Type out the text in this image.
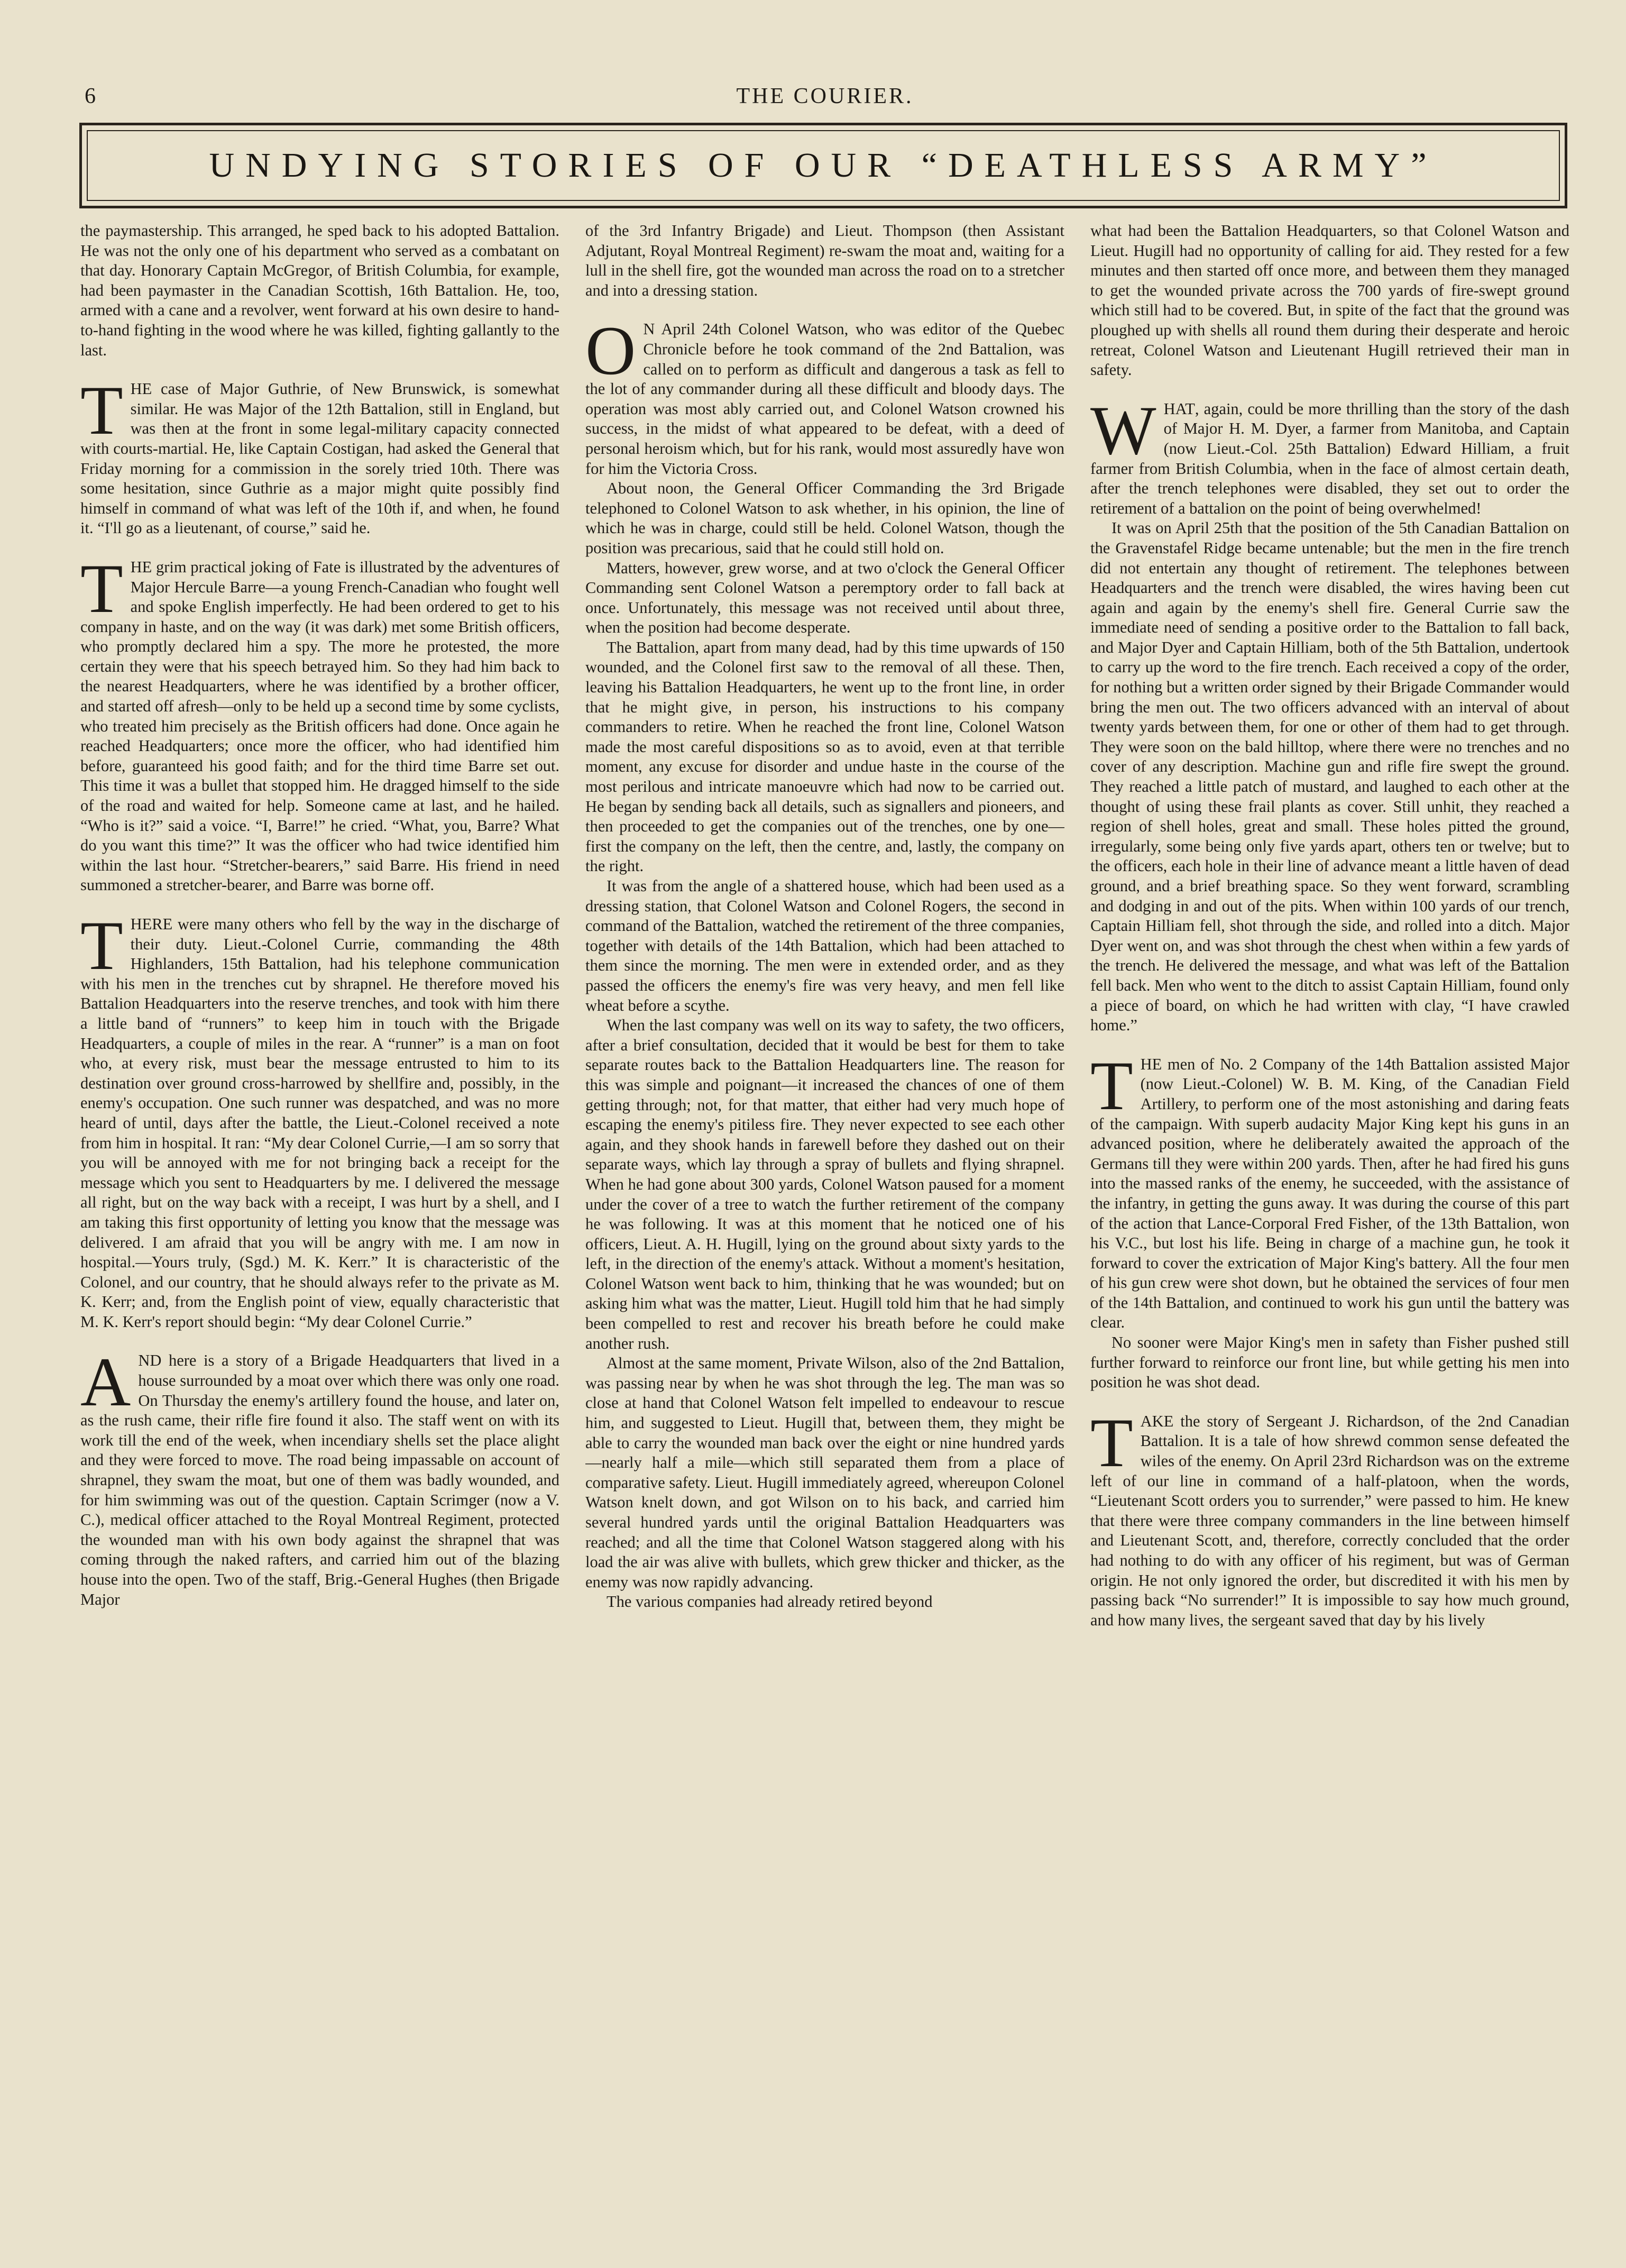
6	THE COURIER.
UNDYING STORIES OF OUR “DEATHLESS ARMY”

the paymastership. This arranged, he sped back to his adopted Battalion. He was not the only one of his department who served as a combatant on that day. Honorary Captain McGregor, of British Columbia, for example, had been paymaster in the Canadian Scottish, 16th Battalion. He, too, armed with a cane and a revolver, went forward at his own desire to hand-to-hand fighting in the wood where he was killed, fighting gallantly to the last.

THE case of Major Guthrie, of New Brunswick, is somewhat similar. He was Major of the 12th Battalion, still in England, but was then at the front in some legal-military capacity connected with courts-martial. He, like Captain Costigan, had asked the General that Friday morning for a commission in the sorely tried 10th. There was some hesitation, since Guthrie as a major might quite possibly find himself in command of what was left of the 10th if, and when, he found it. “I'll go as a lieutenant, of course,” said he.

THE grim practical joking of Fate is illustrated by the adventures of Major Hercule Barre—a young French-Canadian who fought well and spoke English imperfectly. He had been ordered to get to his company in haste, and on the way (it was dark) met some British officers, who promptly declared him a spy. The more he protested, the more certain they were that his speech betrayed him. So they had him back to the nearest Headquarters, where he was identified by a brother officer, and started off afresh—only to be held up a second time by some cyclists, who treated him precisely as the British officers had done. Once again he reached Headquarters; once more the officer, who had identified him before, guaranteed his good faith; and for the third time Barre set out. This time it was a bullet that stopped him. He dragged himself to the side of the road and waited for help. Someone came at last, and he hailed. “Who is it?” said a voice. “I, Barre!” he cried. “What, you, Barre? What do you want this time?” It was the officer who had twice identified him within the last hour. “Stretcher-bearers,” said Barre. His friend in need summoned a stretcher-bearer, and Barre was borne off.

THERE were many others who fell by the way in the discharge of their duty. Lieut.-Colonel Currie, commanding the 48th Highlanders, 15th Battalion, had his telephone communication with his men in the trenches cut by shrapnel. He therefore moved his Battalion Headquarters into the reserve trenches, and took with him there a little band of “runners” to keep him in touch with the Brigade Headquarters, a couple of miles in the rear. A “runner” is a man on foot who, at every risk, must bear the message entrusted to him to its destination over ground cross-harrowed by shellfire and, possibly, in the enemy's occupation. One such runner was despatched, and was no more heard of until, days after the battle, the Lieut.-Colonel received a note from him in hospital. It ran: “My dear Colonel Currie,—I am so sorry that you will be annoyed with me for not bringing back a receipt for the message which you sent to Headquarters by me. I delivered the message all right, but on the way back with a receipt, I was hurt by a shell, and I am taking this first opportunity of letting you know that the message was delivered. I am afraid that you will be angry with me. I am now in hospital.—Yours truly, (Sgd.) M. K. Kerr.” It is characteristic of the Colonel, and our country, that he should always refer to the private as M. K. Kerr; and, from the English point of view, equally characteristic that M. K. Kerr's report should begin: “My dear Colonel Currie.”

AND here is a story of a Brigade Headquarters that lived in a house surrounded by a moat over which there was only one road. On Thursday the enemy's artillery found the house, and later on, as the rush came, their rifle fire found it also. The staff went on with its work till the end of the week, when incendiary shells set the place alight and they were forced to move. The road being impassable on account of shrapnel, they swam the moat, but one of them was badly wounded, and for him swimming was out of the question. Captain Scrimger (now a V. C.), medical officer attached to the Royal Montreal Regiment, protected the wounded man with his own body against the shrapnel that was coming through the naked rafters, and carried him out of the blazing house into the open. Two of the staff, Brig.-General Hughes (then Brigade Major

of the 3rd Infantry Brigade) and Lieut. Thompson (then Assistant Adjutant, Royal Montreal Regiment) re-swam the moat and, waiting for a lull in the shell fire, got the wounded man across the road on to a stretcher and into a dressing station.

O N April 24th Colonel Watson, who was editor of the Quebec Chronicle before he took command of the 2nd Battalion, was called on to perform as difficult and dangerous a task as fell to the lot of any commander during all these difficult and bloody days. The operation was most ably carried out, and Colonel Watson crowned his success, in the midst of what appeared to be defeat, with a deed of personal heroism which, but for his rank, would most assuredly have won for him the Victoria Cross.

About noon, the General Officer Commanding the 3rd Brigade telephoned to Colonel Watson to ask whether, in his opinion, the line of which he was in charge, could still be held. Colonel Watson, though the position was precarious, said that he could still hold on.

Matters, however, grew worse, and at two o'clock the General Officer Commanding sent Colonel Watson a peremptory order to fall back at once. Unfortunately, this message was not received until about three, when the position had become desperate.

The Battalion, apart from many dead, had by this time upwards of 150 wounded, and the Colonel first saw to the removal of all these. Then, leaving his Battalion Headquarters, he went up to the front line, in order that he might give, in person, his instructions to his company commanders to retire. When he reached the front line, Colonel Watson made the most careful dispositions so as to avoid, even at that terrible moment, any excuse for disorder and undue haste in the course of the most perilous and intricate manoeuvre which had now to be carried out. He began by sending back all details, such as signallers and pioneers, and then proceeded to get the companies out of the trenches, one by one—first the company on the left, then the centre, and, lastly, the company on the right.

It was from the angle of a shattered house, which had been used as a dressing station, that Colonel Watson and Colonel Rogers, the second in command of the Battalion, watched the retirement of the three companies, together with details of the 14th Battalion, which had been attached to them since the morning. The men were in extended order, and as they passed the officers the enemy's fire was very heavy, and men fell like wheat before a scythe.

When the last company was well on its way to safety, the two officers, after a brief consultation, decided that it would be best for them to take separate routes back to the Battalion Headquarters line. The reason for this was simple and poignant—it increased the chances of one of them getting through; not, for that matter, that either had very much hope of escaping the enemy's pitiless fire. They never expected to see each other again, and they shook hands in farewell before they dashed out on their separate ways, which lay through a spray of bullets and flying shrapnel. When he had gone about 300 yards, Colonel Watson paused for a moment under the cover of a tree to watch the further retirement of the company he was following. It was at this moment that he noticed one of his officers, Lieut. A. H. Hugill, lying on the ground about sixty yards to the left, in the direction of the enemy's attack. Without a moment's hesitation, Colonel Watson went back to him, thinking that he was wounded; but on asking him what was the matter, Lieut. Hugill told him that he had simply been compelled to rest and recover his breath before he could make another rush.

Almost at the same moment, Private Wilson, also of the 2nd Battalion, was passing near by when he was shot through the leg. The man was so close at hand that Colonel Watson felt impelled to endeavour to rescue him, and suggested to Lieut. Hugill that, between them, they might be able to carry the wounded man back over the eight or nine hundred yards—nearly half a mile—which still separated them from a place of comparative safety. Lieut. Hugill immediately agreed, whereupon Colonel Watson knelt down, and got Wilson on to his back, and carried him several hundred yards until the original Battalion Headquarters was reached; and all the time that Colonel Watson staggered along with his load the air was alive with bullets, which grew thicker and thicker, as the enemy was now rapidly advancing.

The various companies had already retired beyond

what had been the Battalion Headquarters, so that Colonel Watson and Lieut. Hugill had no opportunity of calling for aid. They rested for a few minutes and then started off once more, and between them they managed to get the wounded private across the 700 yards of fire-swept ground which still had to be covered. But, in spite of the fact that the ground was ploughed up with shells all round them during their desperate and heroic retreat, Colonel Watson and Lieutenant Hugill retrieved their man in safety.

WHAT, again, could be more thrilling than the story of the dash of Major H. M. Dyer, a farmer from Manitoba, and Captain (now Lieut.-Col. 25th Battalion) Edward Hilliam, a fruit farmer from British Columbia, when in the face of almost certain death, after the trench telephones were disabled, they set out to order the retirement of a battalion on the point of being overwhelmed!

It was on April 25th that the position of the 5th Canadian Battalion on the Gravenstafel Ridge became untenable; but the men in the fire trench did not entertain any thought of retirement. The telephones between Headquarters and the trench were disabled, the wires having been cut again and again by the enemy's shell fire. General Currie saw the immediate need of sending a positive order to the Battalion to fall back, and Major Dyer and Captain Hilliam, both of the 5th Battalion, undertook to carry up the word to the fire trench. Each received a copy of the order, for nothing but a written order signed by their Brigade Commander would bring the men out. The two officers advanced with an interval of about twenty yards between them, for one or other of them had to get through. They were soon on the bald hilltop, where there were no trenches and no cover of any description. Machine gun and rifle fire swept the ground. They reached a little patch of mustard, and laughed to each other at the thought of using these frail plants as cover. Still unhit, they reached a region of shell holes, great and small. These holes pitted the ground, irregularly, some being only five yards apart, others ten or twelve; but to the officers, each hole in their line of advance meant a little haven of dead ground, and a brief breathing space. So they went forward, scrambling and dodging in and out of the pits. When within 100 yards of our trench, Captain Hilliam fell, shot through the side, and rolled into a ditch. Major Dyer went on, and was shot through the chest when within a few yards of the trench. He delivered the message, and what was left of the Battalion fell back. Men who went to the ditch to assist Captain Hilliam, found only a piece of board, on which he had written with clay, “I have crawled home.”

THE men of No. 2 Company of the 14th Battalion assisted Major (now Lieut.-Colonel) W. B. M. King, of the Canadian Field Artillery, to perform one of the most astonishing and daring feats of the campaign. With superb audacity Major King kept his guns in an advanced position, where he deliberately awaited the approach of the Germans till they were within 200 yards. Then, after he had fired his guns into the massed ranks of the enemy, he succeeded, with the assistance of the infantry, in getting the guns away. It was during the course of this part of the action that Lance-Corporal Fred Fisher, of the 13th Battalion, won his V.C., but lost his life. Being in charge of a machine gun, he took it forward to cover the extrication of Major King's battery. All the four men of his gun crew were shot down, but he obtained the services of four men of the 14th Battalion, and continued to work his gun until the battery was clear.

No sooner were Major King's men in safety than Fisher pushed still further forward to reinforce our front line, but while getting his men into position he was shot dead.

TAKE the story of Sergeant J. Richardson, of the 2nd Canadian Battalion. It is a tale of how shrewd common sense defeated the wiles of the enemy. On April 23rd Richardson was on the extreme left of our line in command of a half-platoon, when the words, “Lieutenant Scott orders you to surrender,” were passed to him. He knew that there were three company commanders in the line between himself and Lieutenant Scott, and, therefore, correctly concluded that the order had nothing to do with any officer of his regiment, but was of German origin. He not only ignored the order, but discredited it with his men by passing back “No surrender!” It is impossible to say how much ground, and how many lives, the sergeant saved that day by his lively
